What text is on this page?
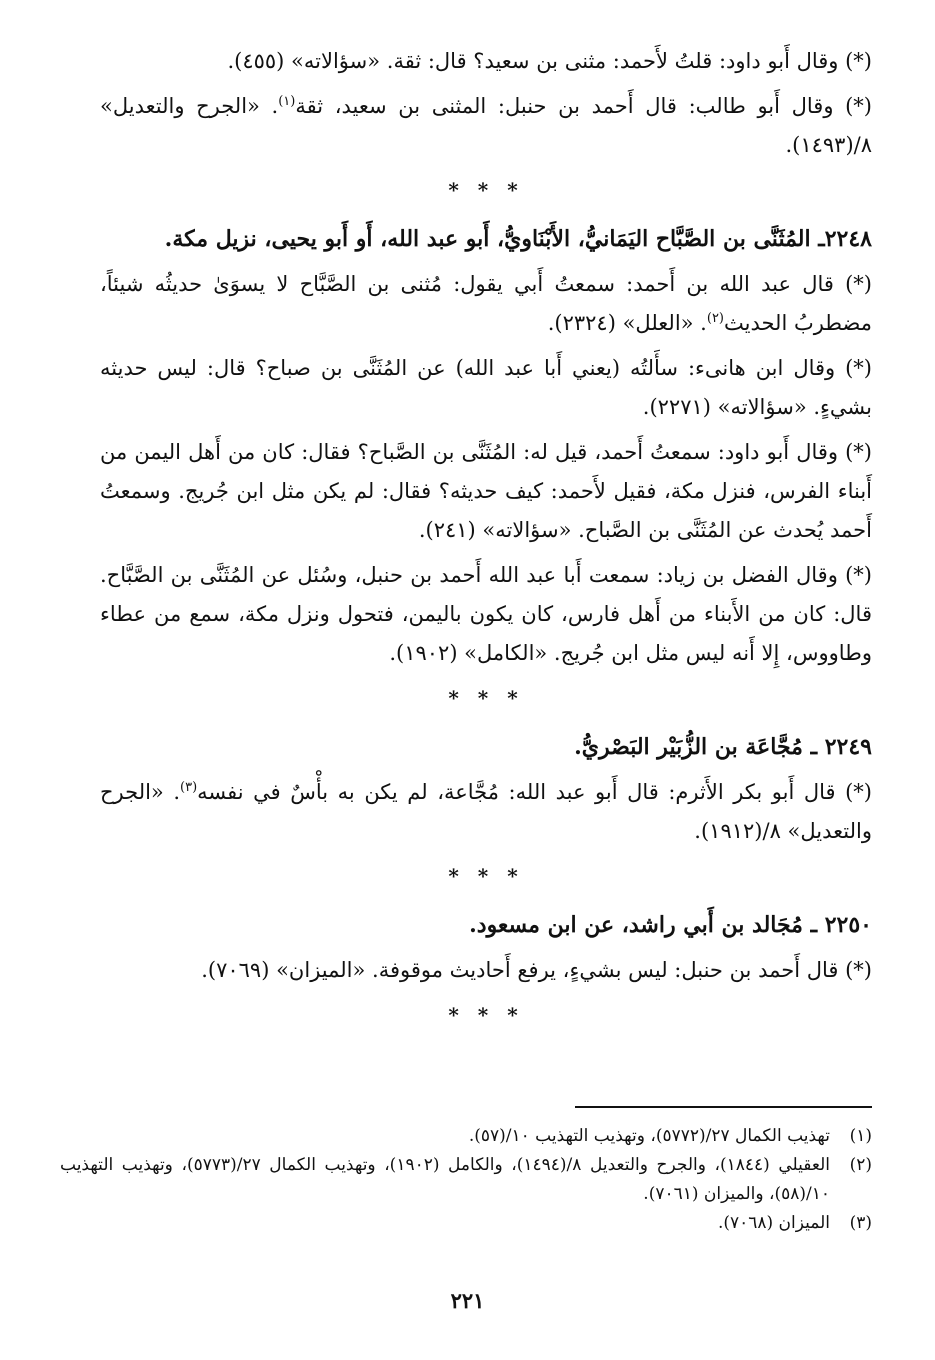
(*) وقال أَبو داود: قلتُ لأَحمد: مثنى بن سعيد؟ قال: ثقة. «سؤالاته» (٤٥٥).

(*) وقال أَبو طالب: قال أَحمد بن حنبل: المثنى بن سعيد، ثقة$^{(١)}$. «الجرح والتعديل» ٨/(١٤٩٣).

* * *

٢٢٤٨ـ المُثَنَّى بن الصَّبَّاح اليَمَانيُّ، الأَبْنَاويُّ، أَبو عبد الله، أَو أَبو يحيى، نزيل مكة.

(*) قال عبد الله بن أَحمد: سمعتُ أَبي يقول: مُثنى بن الصَّبَّاح لا يسوَىٰ حديثُه شيئاً، مضطربُ الحديث$^{(٢)}$. «العلل» (٢٣٢٤).

(*) وقال ابن هانىء: سأَلتُه (يعني أَبا عبد الله) عن المُثَنَّى بن صباح؟ قال: ليس حديثه بشيءٍ. «سؤالاته» (٢٢٧١).

(*) وقال أَبو داود: سمعتُ أَحمد، قيل له: المُثَنَّى بن الصَّباح؟ فقال: كان من أَهل اليمن من أَبناء الفرس، فنزل مكة، فقيل لأَحمد: كيف حديثه؟ فقال: لم يكن مثل ابن جُريج. وسمعتُ أَحمد يُحدث عن المُثَنَّى بن الصَّباح. «سؤالاته» (٢٤١).

(*) وقال الفضل بن زياد: سمعت أَبا عبد الله أَحمد بن حنبل، وسُئل عن المُثَنَّى بن الصَّبَّاح. قال: كان من الأَبناء من أَهل فارس، كان يكون باليمن، فتحول ونزل مكة، سمع من عطاء وطاووس، إِلا أَنه ليس مثل ابن جُريج. «الكامل» (١٩٠٢).

* * *

٢٢٤٩ ـ مُجَّاعَة بن الزُّبَيْر البَصْريُّ.

(*) قال أَبو بكر الأَثرم: قال أَبو عبد الله: مُجَّاعة، لم يكن به بأْسٌ في نفسه$^{(٣)}$. «الجرح والتعديل» ٨/(١٩١٢).

* * *

٢٢٥٠ ـ مُجَالد بن أَبي راشد، عن ابن مسعود.

(*) قال أَحمد بن حنبل: ليس بشيءٍ، يرفع أَحاديث موقوفة. «الميزان» (٧٠٦٩).

* * *
(١)
تهذيب الكمال ٢٧/(٥٧٧٢)، وتهذيب التهذيب ١٠/(٥٧).
(٢)
العقيلي (١٨٤٤)، والجرح والتعديل ٨/(١٤٩٤)، والكامل (١٩٠٢)، وتهذيب الكمال ٢٧/(٥٧٧٣)، وتهذيب التهذيب ١٠/(٥٨)، والميزان (٧٠٦١).
(٣)
الميزان (٧٠٦٨).
٢٢١
